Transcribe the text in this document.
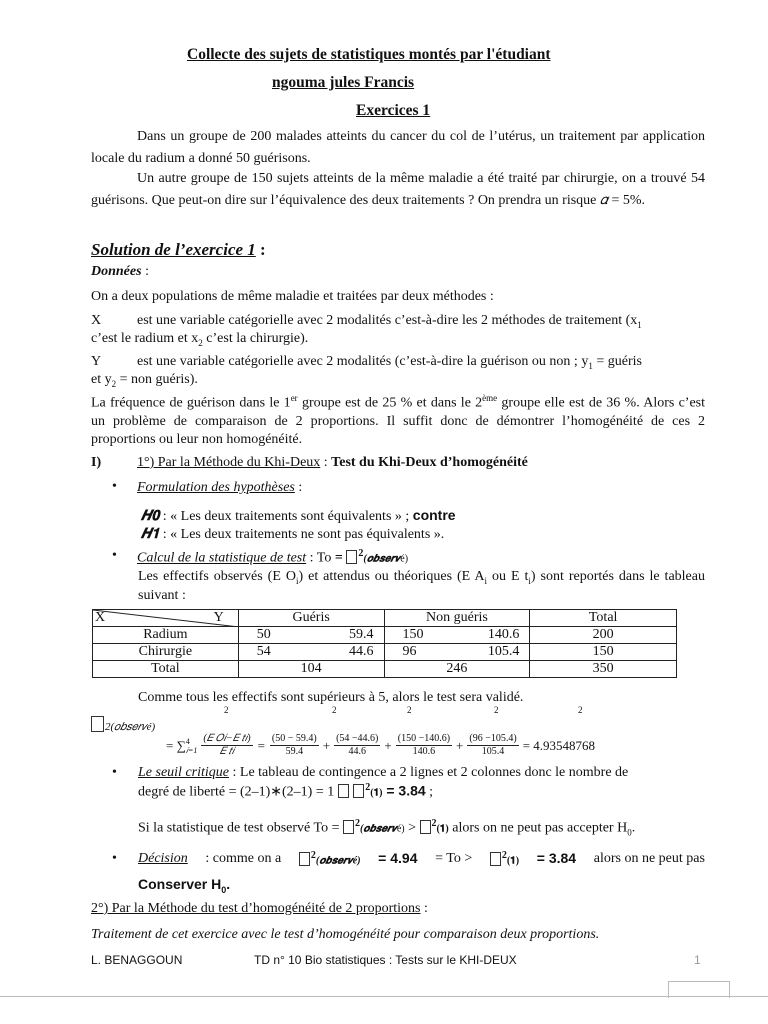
Collecte des sujets de statistiques montés par l'étudiant
ngouma jules Francis
Exercices 1
Dans un groupe de 200 malades atteints du cancer du col de l’utérus, un traitement par application locale du radium a donné 50 guérisons.
Un autre groupe de 150 sujets atteints de la même maladie a été traité par chirurgie, on a trouvé 54 guérisons. Que peut-on dire sur l’équivalence des deux traitements ? On prendra un risque 𝛼 = 5%.
Solution de l’exercice 1 :
Données :
On a deux populations de même maladie et traitées par deux méthodes :
X	est une variable catégorielle avec 2 modalités c’est-à-dire les 2 méthodes de traitement ($x_1$
c’est le radium et $x_2$ c’est la chirurgie).
Y	est une variable catégorielle avec 2 modalités (c’est-à-dire la guérison ou non ; $y_1$ = guéris
et $y_2$ = non guéris).
La fréquence de guérison dans le 1er groupe est de 25 % et dans le 2ème groupe elle est de 36 %. Alors c’est un problème de comparaison de 2 proportions. Il suffit donc de démontrer l’homogénéité de ces 2 proportions ou leur non homogénéité.
I)	1°) Par la Méthode du Khi-Deux : Test du Khi-Deux d’homogénéité
• Formulation des hypothèses :
𝑯𝟎 : « Les deux traitements sont équivalents » ; contre
𝑯𝟏 : « Les deux traitements ne sont pas équivalents ».
• Calcul de la statistique de test : To = $^2$(𝒐𝒃𝒔𝒆𝒓𝒗é)
Les effectifs observés (E $O_i$) et attendus ou théoriques (E $A_i$ ou E $t_i$) sont reportés dans le tableau suivant :
X Y	Guéris	Non guéris	Total
Radium	50 59.4	150 140.6	200
Chirurgie	54 44.6	96 105.4	150
Total	104	246	350
Comme tous les effectifs sont supérieurs à 5, alors le test sera validé.
2	2	2	2	2
2(𝑜𝑏𝑠𝑒𝑟𝑣é)
= ∑ 4
𝑖=1 $\frac{\text{(𝐸 𝑂𝑖−𝐸 𝑡𝑖)}}{\text{𝐸 𝑡𝑖}} = \frac{(50 - 59.4)}{59.4} + \frac{(54 -44.6)}{44.6} + \frac{(150 -140.6)}{140.6} + \frac{(96 -105.4)}{105.4} = 4.93548768$
• Le seuil critique : Le tableau de contingence a 2 lignes et 2 colonnes donc le nombre de
degré de liberté = (2–1)∗(2–1) = 1	$^2$(𝟏) = 3.84 ;
Si la statistique de test observé To = $^2$(𝒐𝒃𝒔𝒆𝒓𝒗é) > $^2$(𝟏) alors on ne peut pas accepter $H_0$.
• Décision : comme on a	$^2$(𝒐𝒃𝒔𝒆𝒓𝒗é) = 4.94 = To >	$^2$(𝟏) = 3.84 alors on ne peut pas
Conserver $H_0$.
2°) Par la Méthode du test d’homogénéité de 2 proportions :
Traitement de cet exercice avec le test d’homogénéité pour comparaison deux proportions.
L. BENAGGOUN	TD n° 10 Bio statistiques : Tests sur le KHI-DEUX	1
